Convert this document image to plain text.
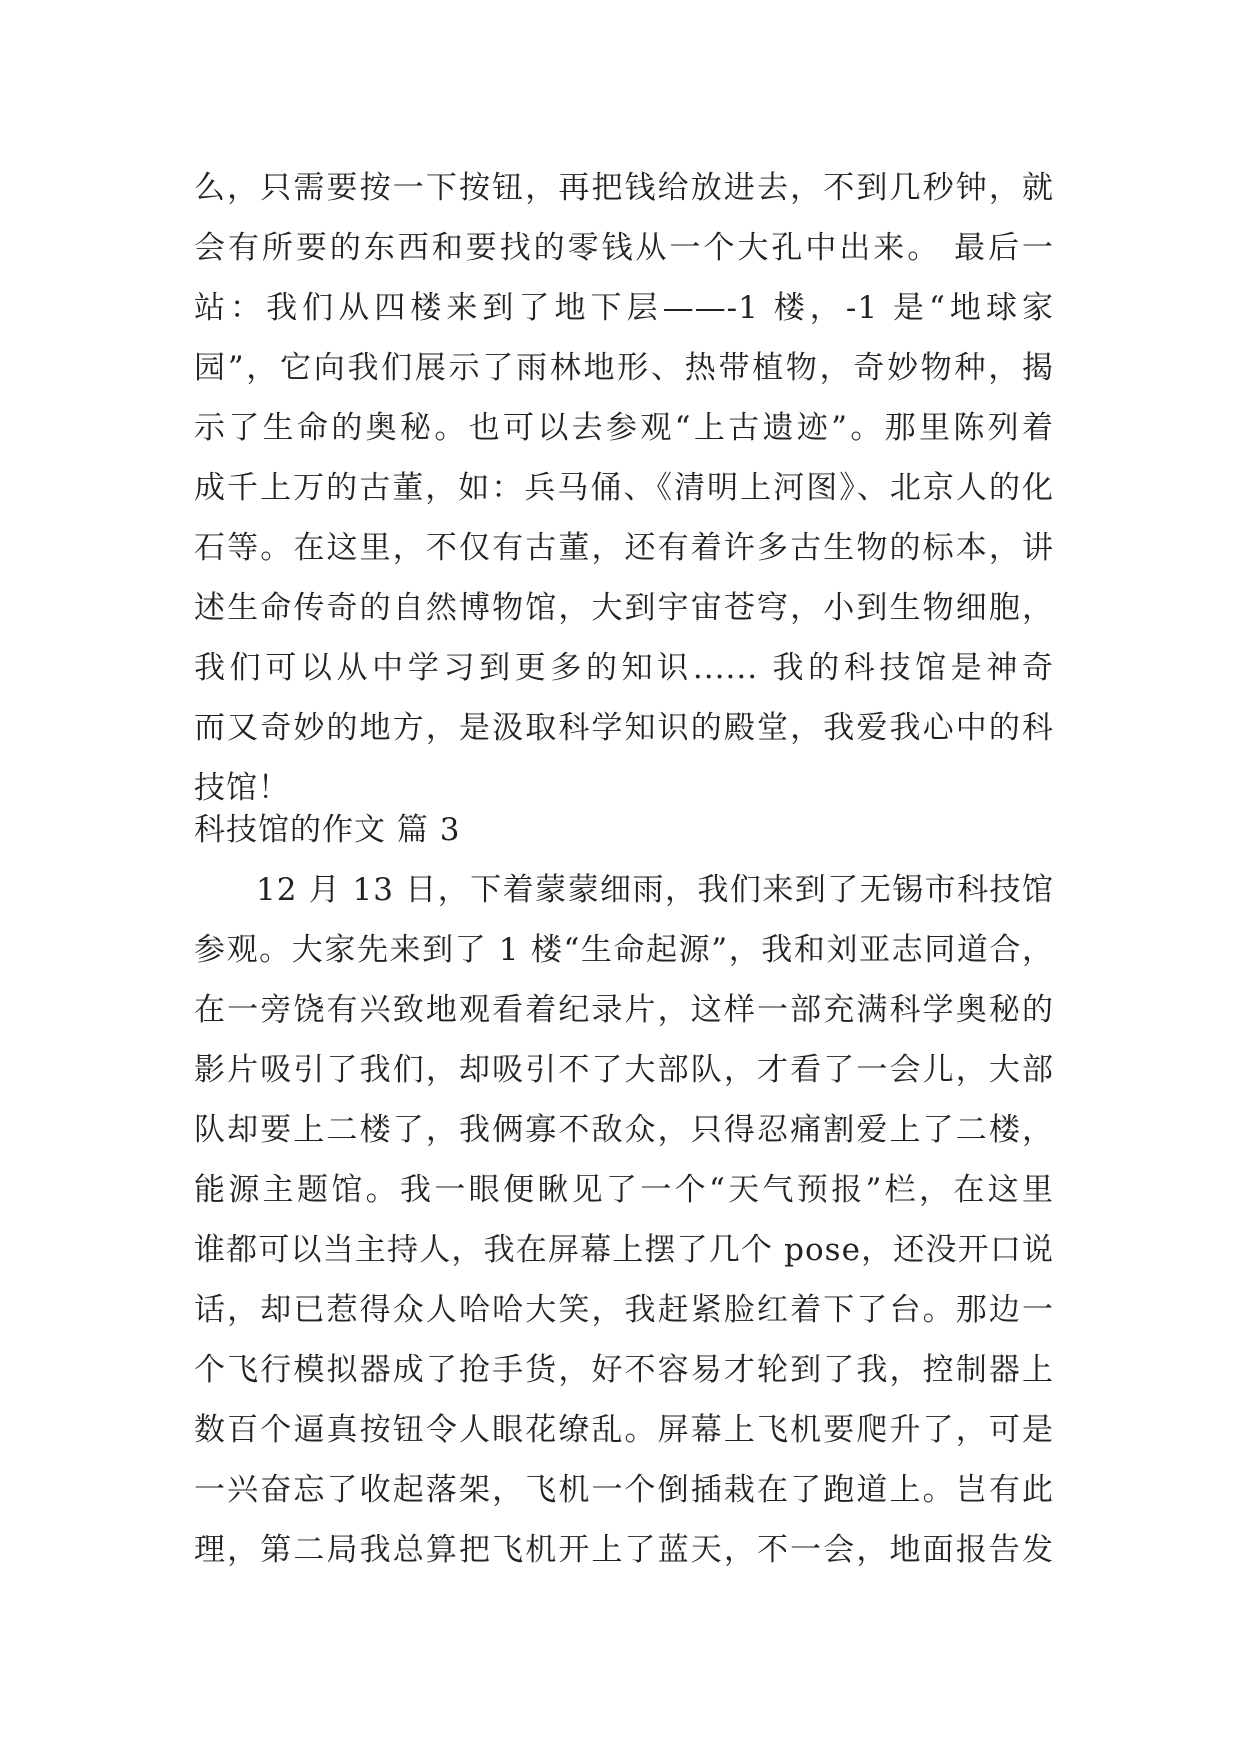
么，只需要按一下按钮，再把钱给放进去，不到几秒钟，就
会有所要的东西和要找的零钱从一个大孔中出来。 最后一
站：我们从四楼来到了地下层——-1 楼，-1 是“地球家
园”，它向我们展示了雨林地形、热带植物，奇妙物种，揭
示了生命的奥秘。也可以去参观“上古遗迹”。那里陈列着
成千上万的古董，如：兵马俑、《清明上河图》、北京人的化
石等。在这里，不仅有古董，还有着许多古生物的标本，讲
述生命传奇的自然博物馆，大到宇宙苍穹，小到生物细胞，
我们可以从中学习到更多的知识...... 我的科技馆是神奇
而又奇妙的地方，是汲取科学知识的殿堂，我爱我心中的科
技馆！
科技馆的作文 篇 3
12 月 13 日，下着蒙蒙细雨，我们来到了无锡市科技馆
参观。大家先来到了 1 楼“生命起源”，我和刘亚志同道合，
在一旁饶有兴致地观看着纪录片，这样一部充满科学奥秘的
影片吸引了我们，却吸引不了大部队，才看了一会儿，大部
队却要上二楼了，我俩寡不敌众，只得忍痛割爱上了二楼，
能源主题馆。我一眼便瞅见了一个“天气预报”栏，在这里
谁都可以当主持人，我在屏幕上摆了几个 pose，还没开口说
话，却已惹得众人哈哈大笑，我赶紧脸红着下了台。那边一
个飞行模拟器成了抢手货，好不容易才轮到了我，控制器上
数百个逼真按钮令人眼花缭乱。屏幕上飞机要爬升了，可是
一兴奋忘了收起落架，飞机一个倒插栽在了跑道上。岂有此
理，第二局我总算把飞机开上了蓝天，不一会，地面报告发
